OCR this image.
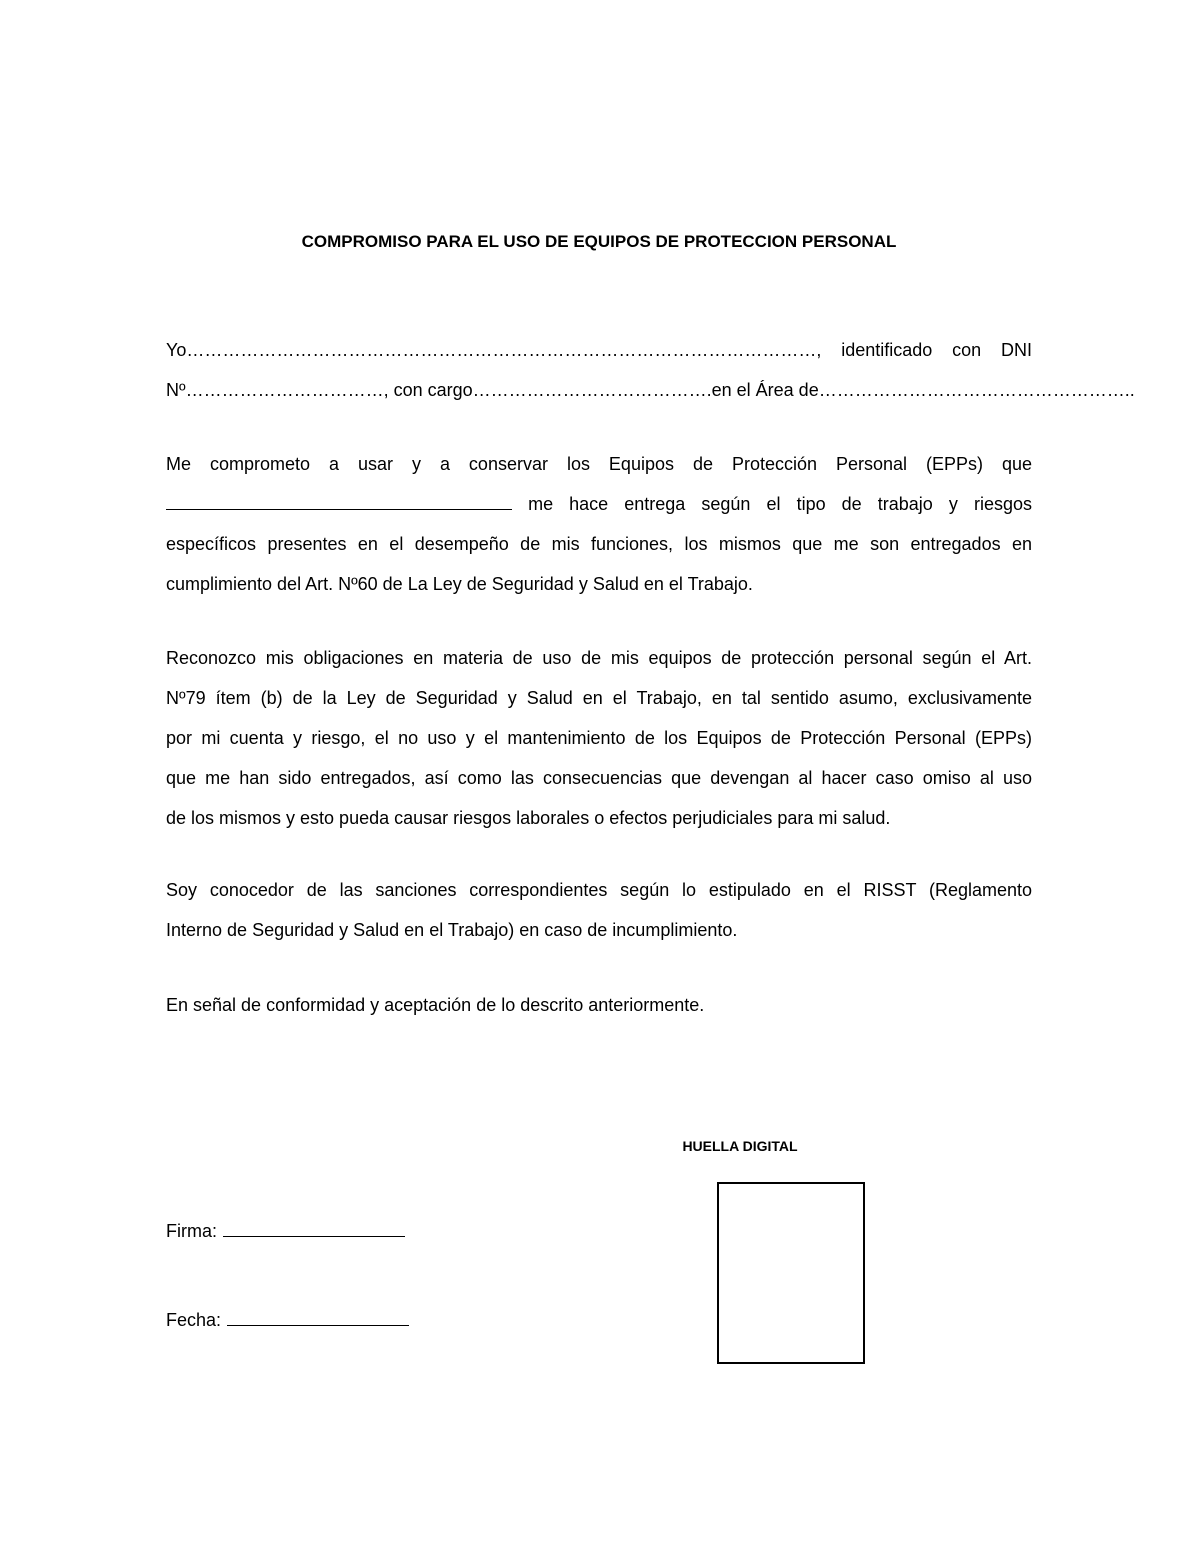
COMPROMISO PARA EL USO DE EQUIPOS DE PROTECCION PERSONAL
Yo……………………………………………………………………………………………, identificado con DNI
Nº……………………………, con cargo………………………………….en el Área de……………………………………………..
Me comprometo a usar y a conservar los Equipos de Protección Personal (EPPs) que
me hace entrega según el tipo de trabajo y riesgos
específicos presentes en el desempeño de mis funciones, los mismos que me son entregados en
cumplimiento del Art. Nº60 de La Ley de Seguridad y Salud en el Trabajo.
Reconozco mis obligaciones en materia de uso de mis equipos de protección personal según el Art.
Nº79 ítem (b) de la Ley de Seguridad y Salud en el Trabajo, en tal sentido asumo, exclusivamente
por mi cuenta y riesgo, el no uso y el mantenimiento de los Equipos de Protección Personal (EPPs)
que me han sido entregados, así como las consecuencias que devengan al hacer caso omiso al uso
de los mismos y esto pueda causar riesgos laborales o efectos perjudiciales para mi salud.
Soy conocedor de las sanciones correspondientes según lo estipulado en el RISST (Reglamento
Interno de Seguridad y Salud en el Trabajo) en caso de incumplimiento.
En señal de conformidad y aceptación de lo descrito anteriormente.
HUELLA DIGITAL
Firma:
Fecha:
